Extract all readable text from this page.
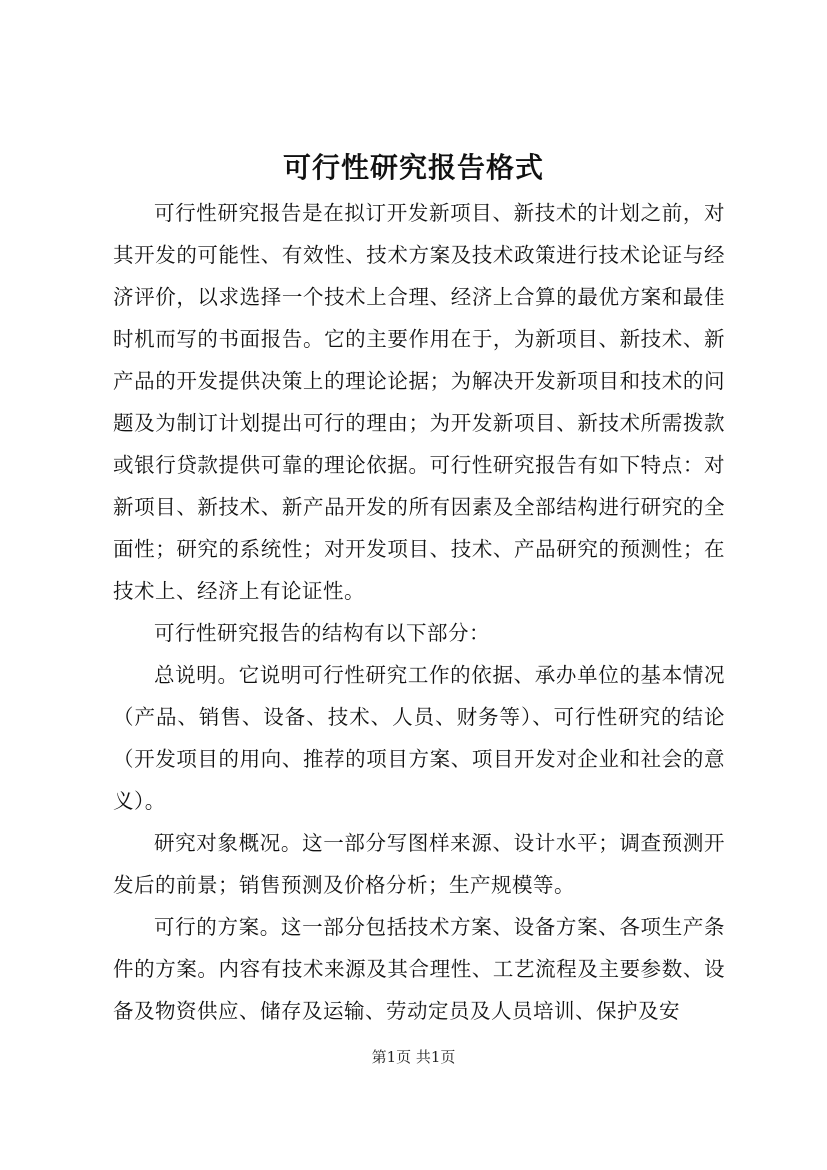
可行性研究报告格式

可行性研究报告是在拟订开发新项目、新技术的计划之前，对其开发的可能性、有效性、技术方案及技术政策进行技术论证与经济评价，以求选择一个技术上合理、经济上合算的最优方案和最佳时机而写的书面报告。它的主要作用在于，为新项目、新技术、新产品的开发提供决策上的理论论据；为解决开发新项目和技术的问题及为制订计划提出可行的理由；为开发新项目、新技术所需拨款或银行贷款提供可靠的理论依据。可行性研究报告有如下特点：对新项目、新技术、新产品开发的所有因素及全部结构进行研究的全面性；研究的系统性；对开发项目、技术、产品研究的预测性；在技术上、经济上有论证性。

可行性研究报告的结构有以下部分：

总说明。它说明可行性研究工作的依据、承办单位的基本情况（产品、销售、设备、技术、人员、财务等）、可行性研究的结论（开发项目的用向、推荐的项目方案、项目开发对企业和社会的意义）。

研究对象概况。这一部分写图样来源、设计水平；调查预测开发后的前景；销售预测及价格分析；生产规模等。

可行的方案。这一部分包括技术方案、设备方案、各项生产条件的方案。内容有技术来源及其合理性、工艺流程及主要参数、设备及物资供应、储存及运输、劳动定员及人员培训、保护及安

第1页 共1页
